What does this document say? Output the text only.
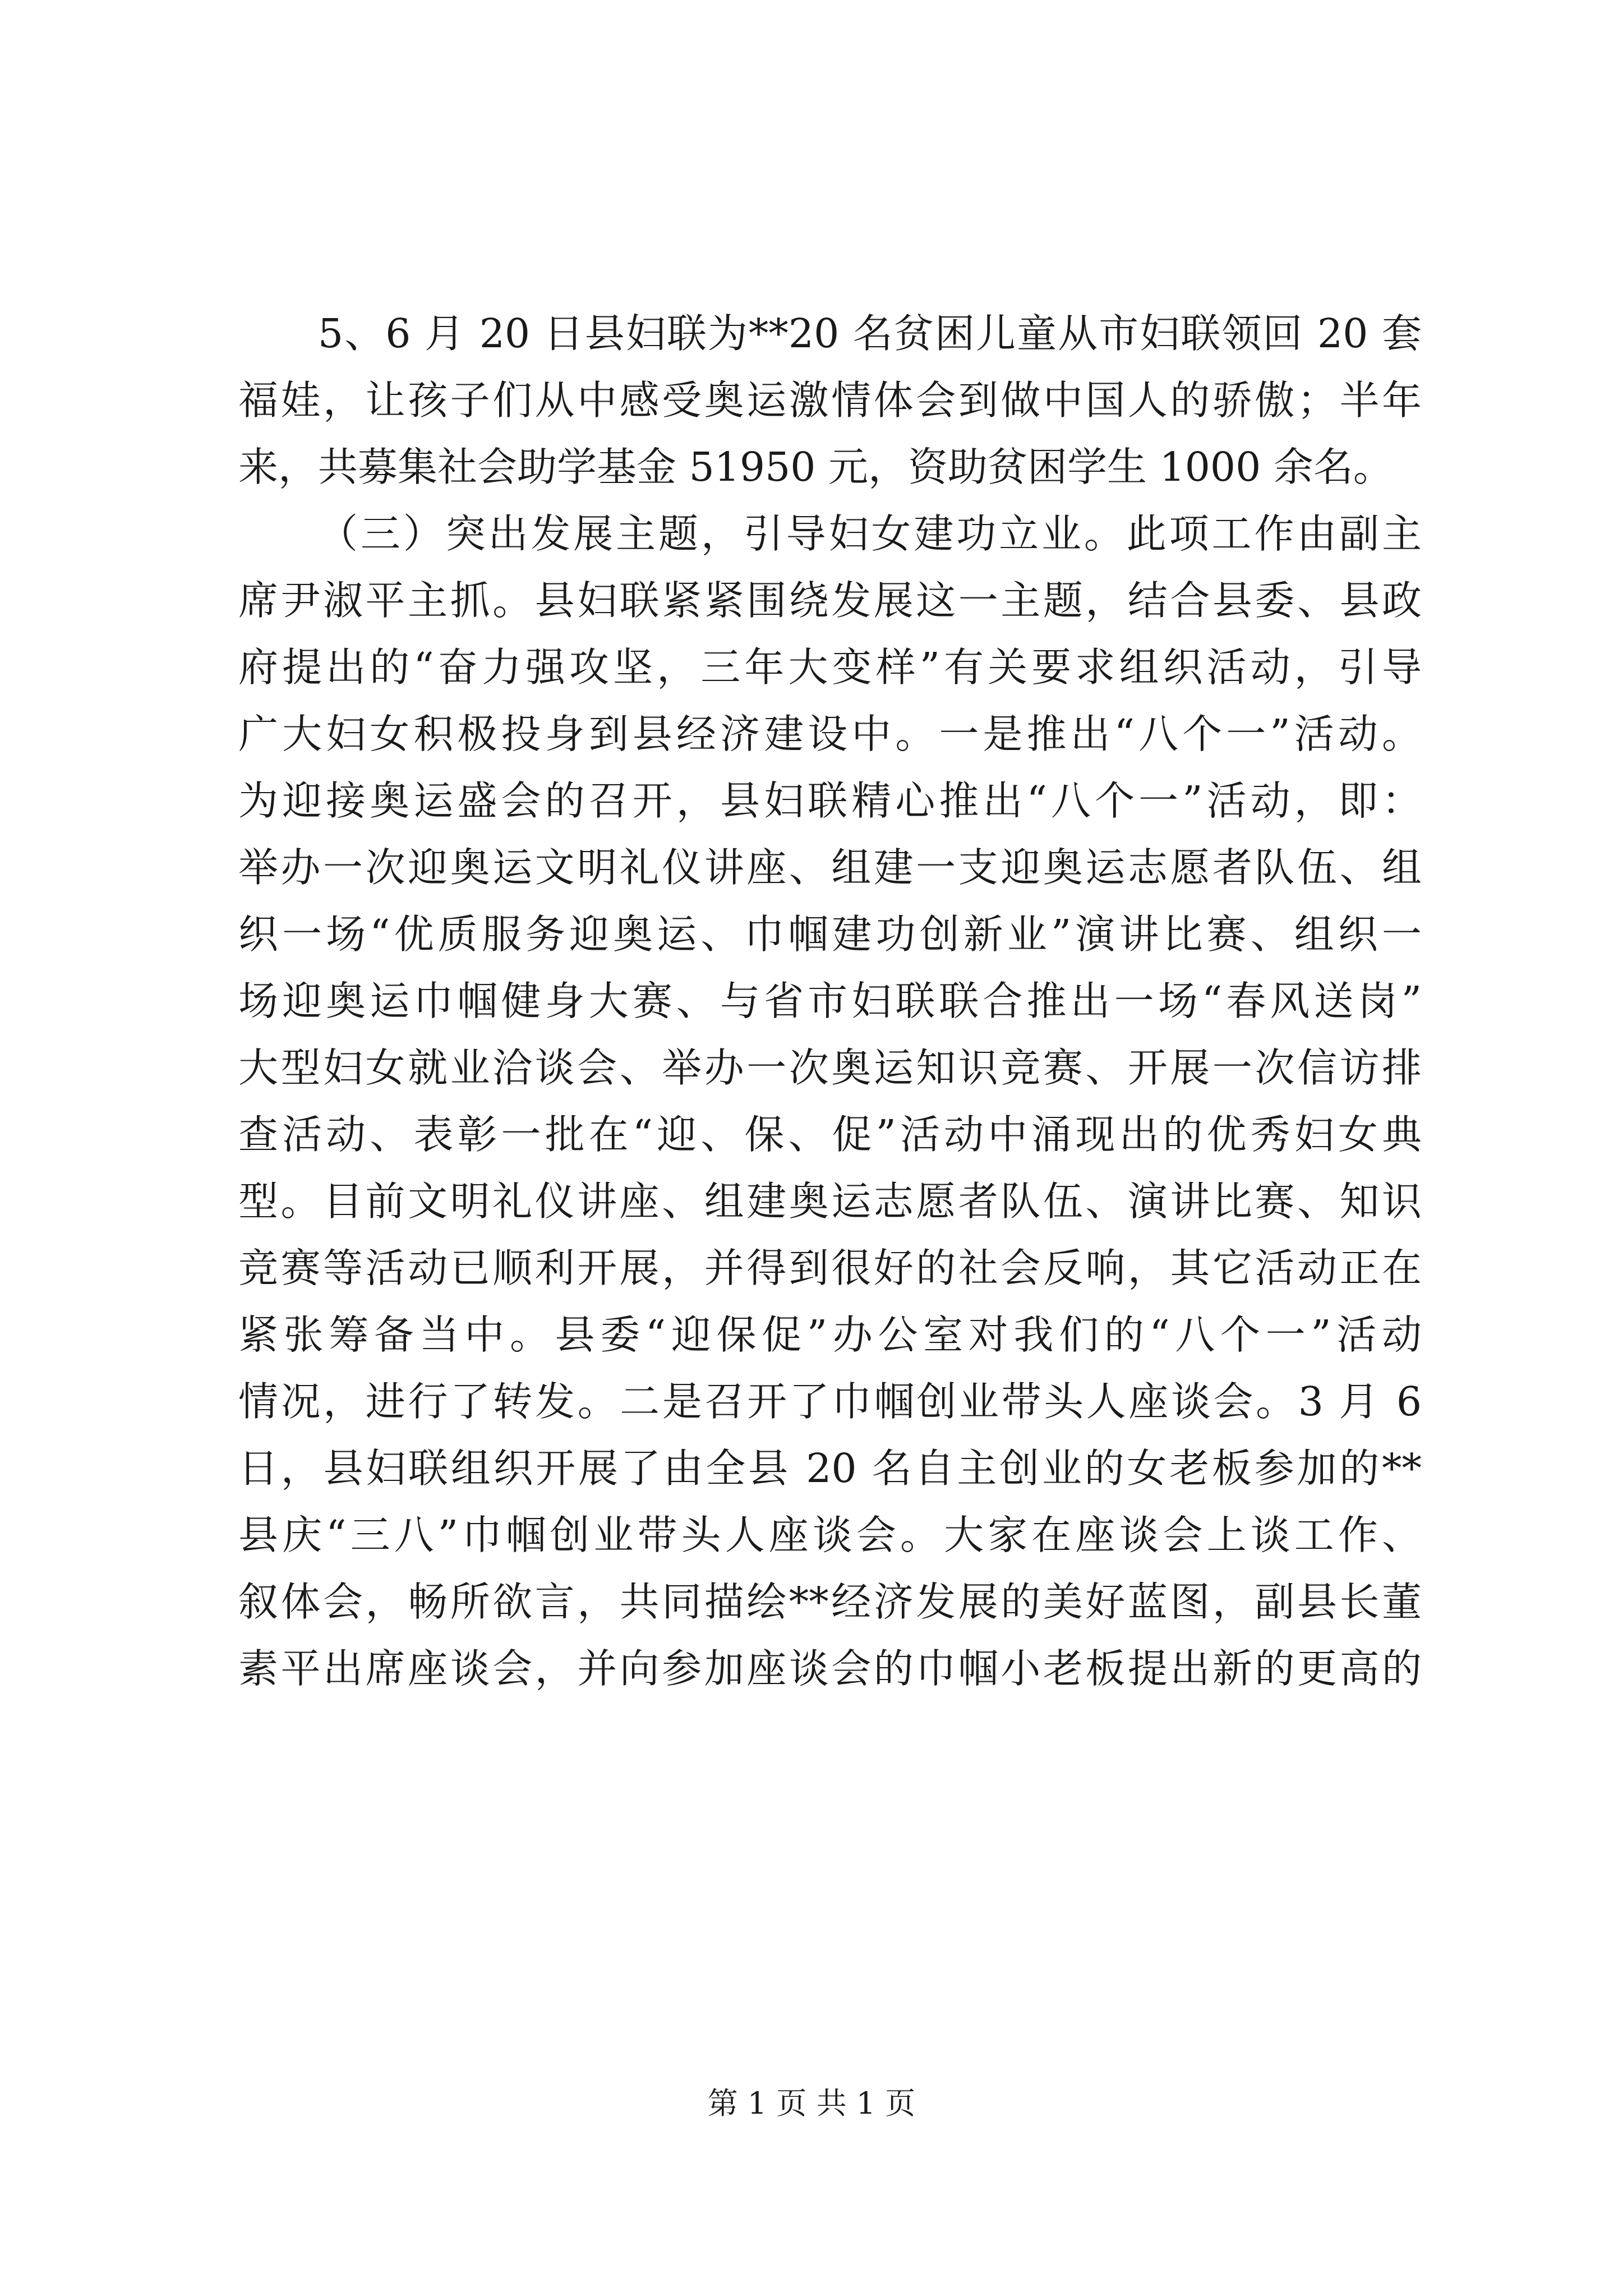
5、6 月 20 日县妇联为**20 名贫困儿童从市妇联领回 20 套
福娃，让孩子们从中感受奥运激情体会到做中国人的骄傲；半年
来，共募集社会助学基金 51950 元，资助贫困学生 1000 余名。
（三）突出发展主题，引导妇女建功立业。此项工作由副主
席尹淑平主抓。县妇联紧紧围绕发展这一主题，结合县委、县政
府提出的“奋力强攻坚，三年大变样”有关要求组织活动，引导
广大妇女积极投身到县经济建设中。一是推出“八个一”活动。
为迎接奥运盛会的召开，县妇联精心推出“八个一”活动，即：
举办一次迎奥运文明礼仪讲座、组建一支迎奥运志愿者队伍、组
织一场“优质服务迎奥运、巾帼建功创新业”演讲比赛、组织一
场迎奥运巾帼健身大赛、与省市妇联联合推出一场“春风送岗”
大型妇女就业洽谈会、举办一次奥运知识竞赛、开展一次信访排
查活动、表彰一批在“迎、保、促”活动中涌现出的优秀妇女典
型。目前文明礼仪讲座、组建奥运志愿者队伍、演讲比赛、知识
竞赛等活动已顺利开展，并得到很好的社会反响，其它活动正在
紧张筹备当中。县委“迎保促”办公室对我们的“八个一”活动
情况，进行了转发。二是召开了巾帼创业带头人座谈会。3 月 6
日，县妇联组织开展了由全县 20 名自主创业的女老板参加的**
县庆“三八”巾帼创业带头人座谈会。大家在座谈会上谈工作、
叙体会，畅所欲言，共同描绘**经济发展的美好蓝图，副县长董
素平出席座谈会，并向参加座谈会的巾帼小老板提出新的更高的
第 1 页 共 1 页
